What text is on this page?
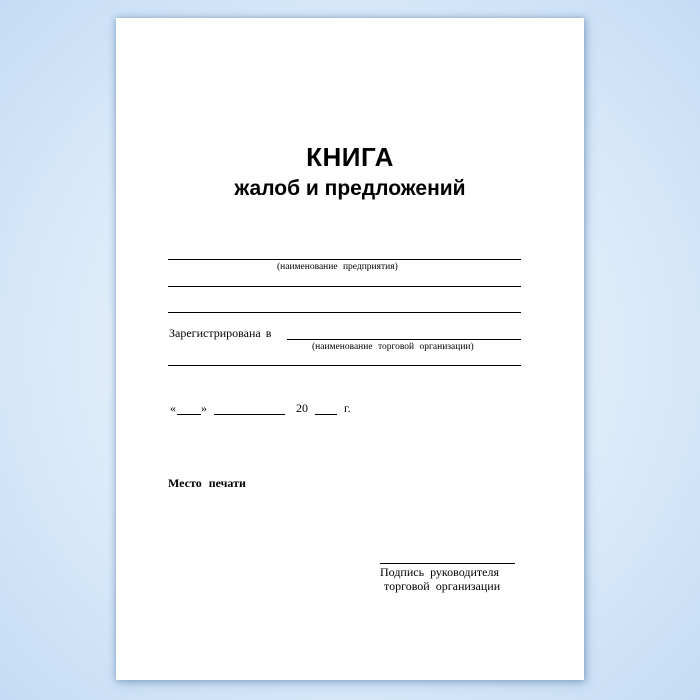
КНИГА
жалоб и предложений
(наименование предприятия)
Зарегистрирована в
(наименование торговой организации)
« »	20	г.
Место печати
Подпись руководителя
торговой организации
